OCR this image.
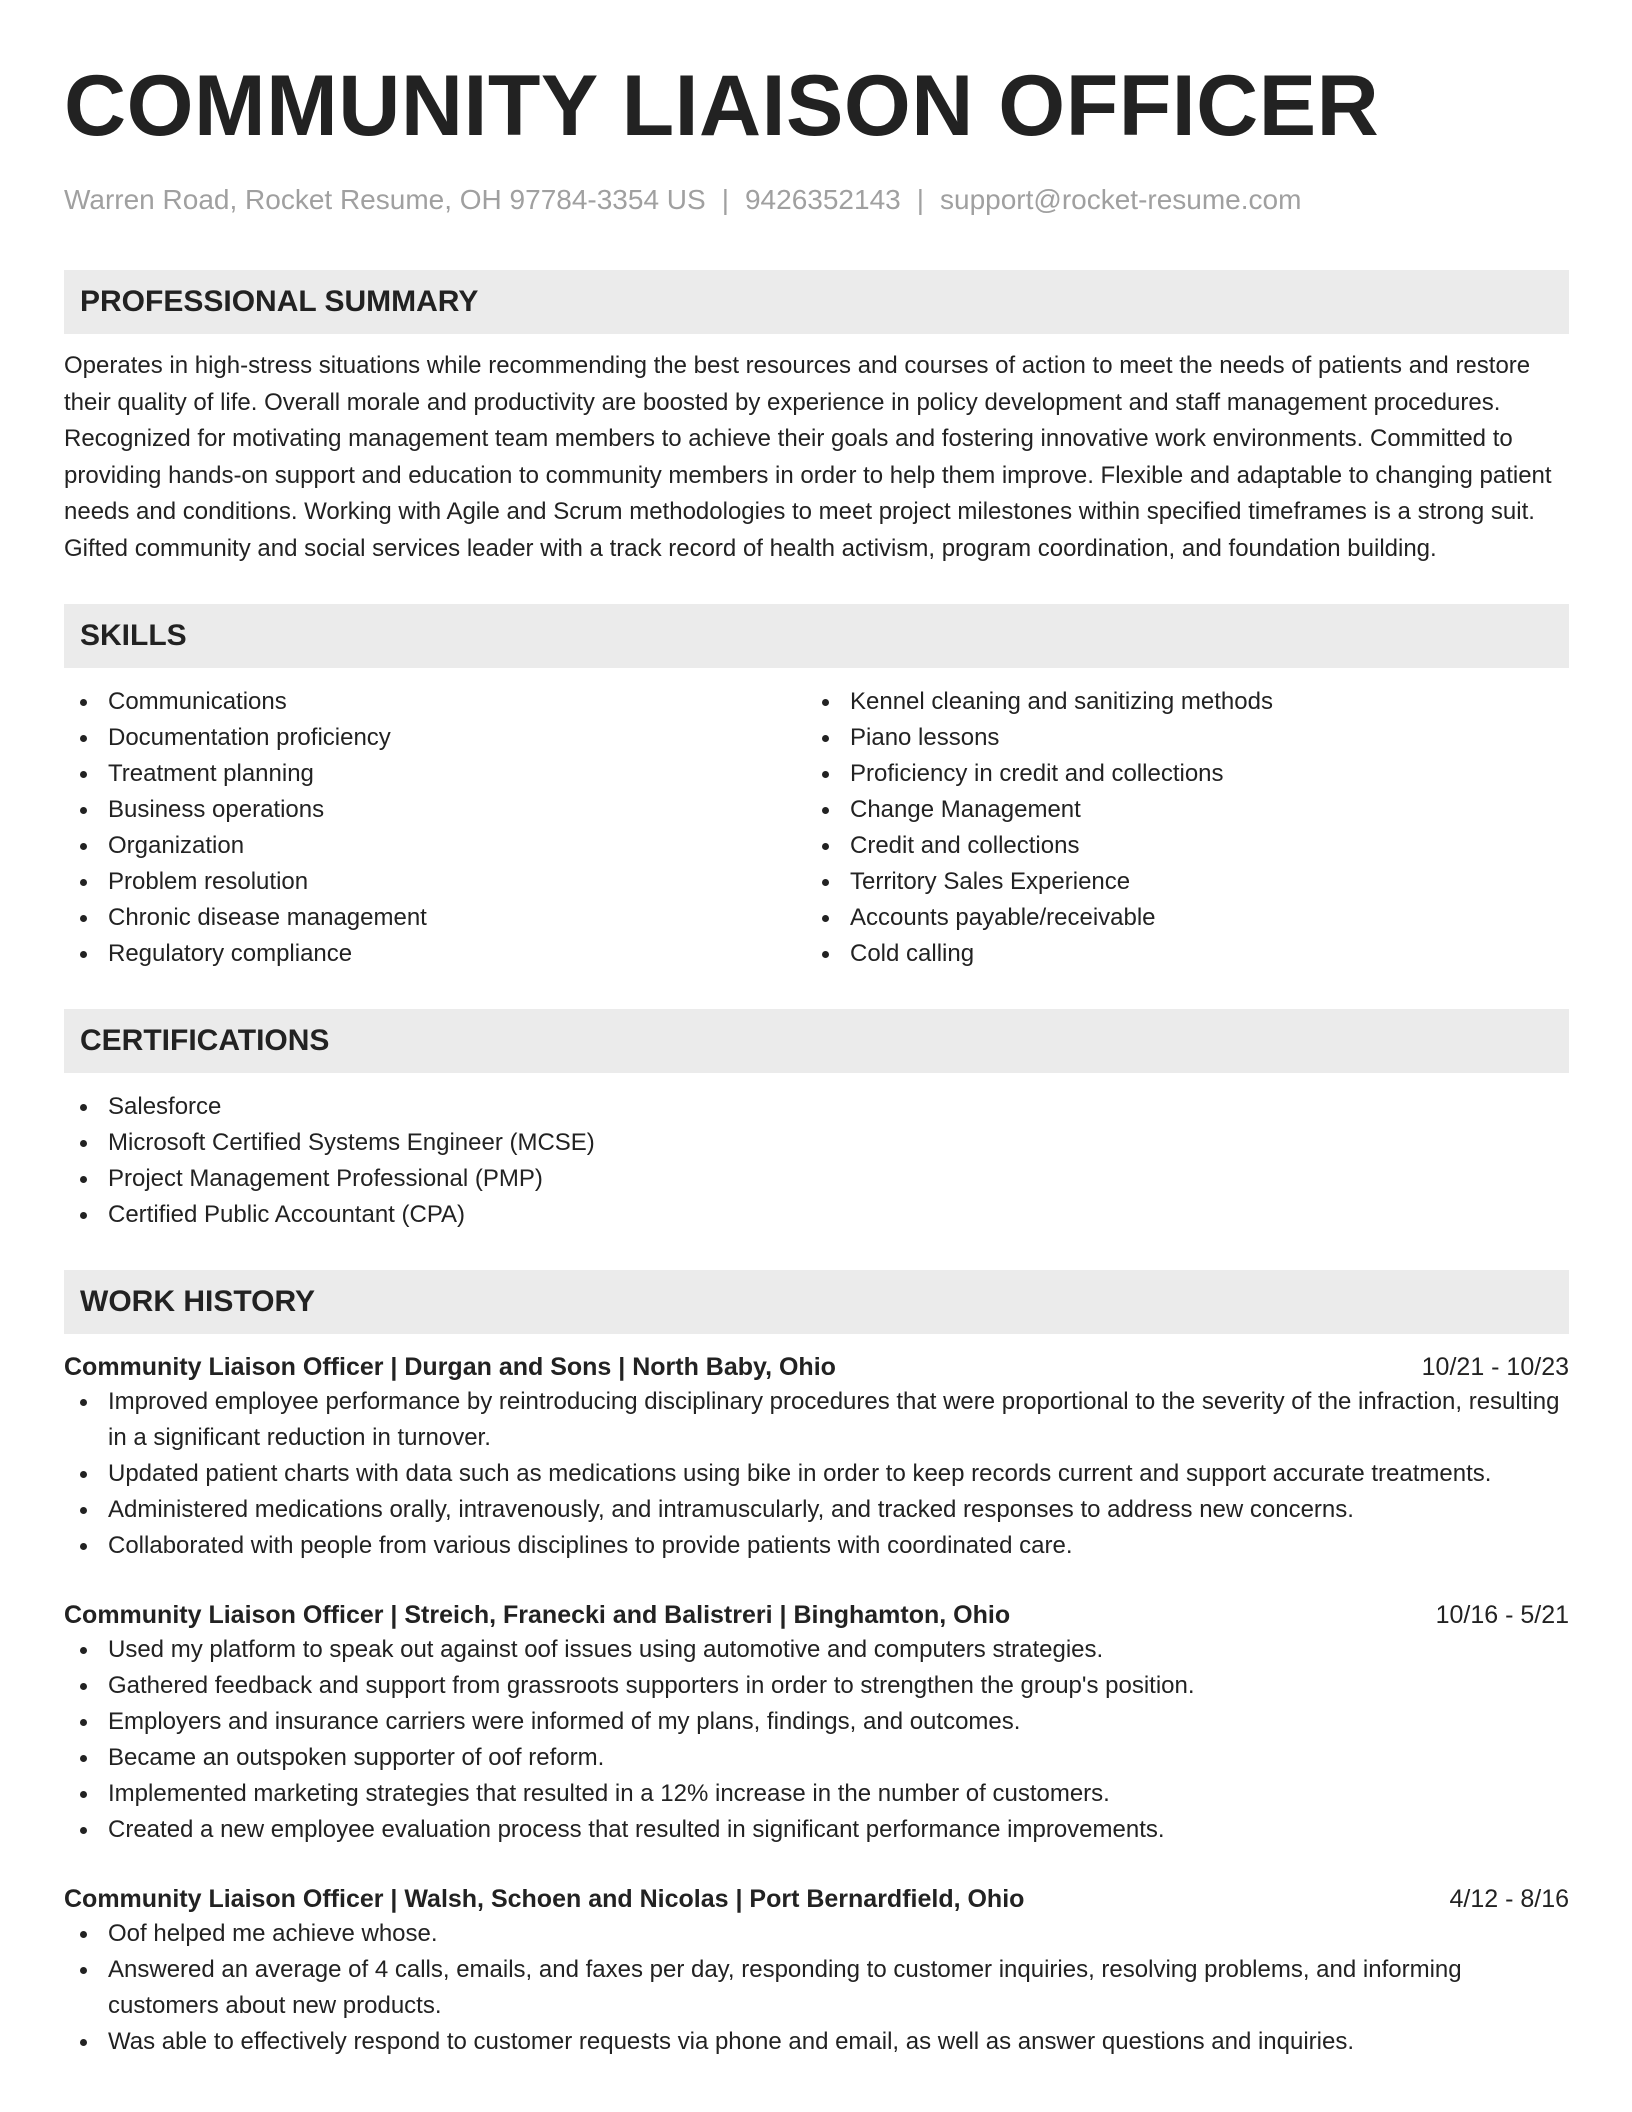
COMMUNITY LIAISON OFFICER
Warren Road, Rocket Resume, OH 97784-3354 US | 9426352143 | support@rocket-resume.com
PROFESSIONAL SUMMARY

Operates in high-stress situations while recommending the best resources and courses of action to meet the needs of patients and restore their quality of life. Overall morale and productivity are boosted by experience in policy development and staff management procedures. Recognized for motivating management team members to achieve their goals and fostering innovative work environments. Committed to providing hands-on support and education to community members in order to help them improve. Flexible and adaptable to changing patient needs and conditions. Working with Agile and Scrum methodologies to meet project milestones within specified timeframes is a strong suit. Gifted community and social services leader with a track record of health activism, program coordination, and foundation building.

SKILLS
Communications
Documentation proficiency
Treatment planning
Business operations
Organization
Problem resolution
Chronic disease management
Regulatory compliance
Kennel cleaning and sanitizing methods
Piano lessons
Proficiency in credit and collections
Change Management
Credit and collections
Territory Sales Experience
Accounts payable/receivable
Cold calling
CERTIFICATIONS
Salesforce
Microsoft Certified Systems Engineer (MCSE)
Project Management Professional (PMP)
Certified Public Accountant (CPA)
WORK HISTORY
Community Liaison Officer | Durgan and Sons | North Baby, Ohio	10/21 - 10/23
Improved employee performance by reintroducing disciplinary procedures that were proportional to the severity of the infraction, resulting in a significant reduction in turnover.
Updated patient charts with data such as medications using bike in order to keep records current and support accurate treatments.
Administered medications orally, intravenously, and intramuscularly, and tracked responses to address new concerns.
Collaborated with people from various disciplines to provide patients with coordinated care.
Community Liaison Officer | Streich, Franecki and Balistreri | Binghamton, Ohio	10/16 - 5/21
Used my platform to speak out against oof issues using automotive and computers strategies.
Gathered feedback and support from grassroots supporters in order to strengthen the group's position.
Employers and insurance carriers were informed of my plans, findings, and outcomes.
Became an outspoken supporter of oof reform.
Implemented marketing strategies that resulted in a 12% increase in the number of customers.
Created a new employee evaluation process that resulted in significant performance improvements.
Community Liaison Officer | Walsh, Schoen and Nicolas | Port Bernardfield, Ohio	4/12 - 8/16
Oof helped me achieve whose.
Answered an average of 4 calls, emails, and faxes per day, responding to customer inquiries, resolving problems, and informing customers about new products.
Was able to effectively respond to customer requests via phone and email, as well as answer questions and inquiries.
